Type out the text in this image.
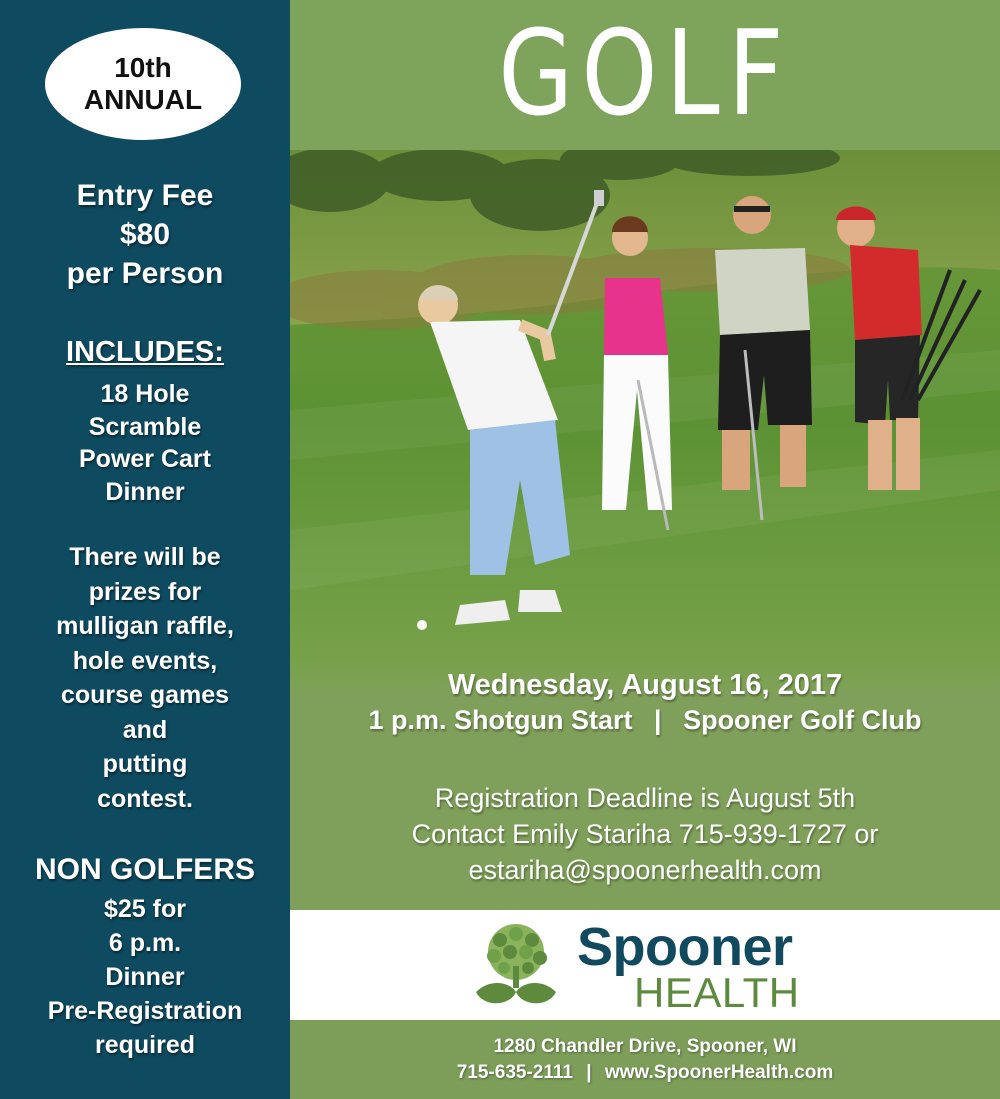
10th
ANNUAL
Entry Fee
$80
per Person
INCLUDES:
18 Hole
Scramble
Power Cart
Dinner
There will be
prizes for
mulligan raffle,
hole events,
course games
and
putting
contest.
NON GOLFERS
$25 for
6 p.m.
Dinner
Pre-Registration
required
GOLF
Wednesday, August 16, 2017
1 p.m. Shotgun Start | Spooner Golf Club
Registration Deadline is August 5th
Contact Emily Stariha 715-939-1727 or
estariha@spoonerhealth.com
Spooner
HEALTH
1280 Chandler Drive, Spooner, WI
715-635-2111 | www.SpoonerHealth.com
